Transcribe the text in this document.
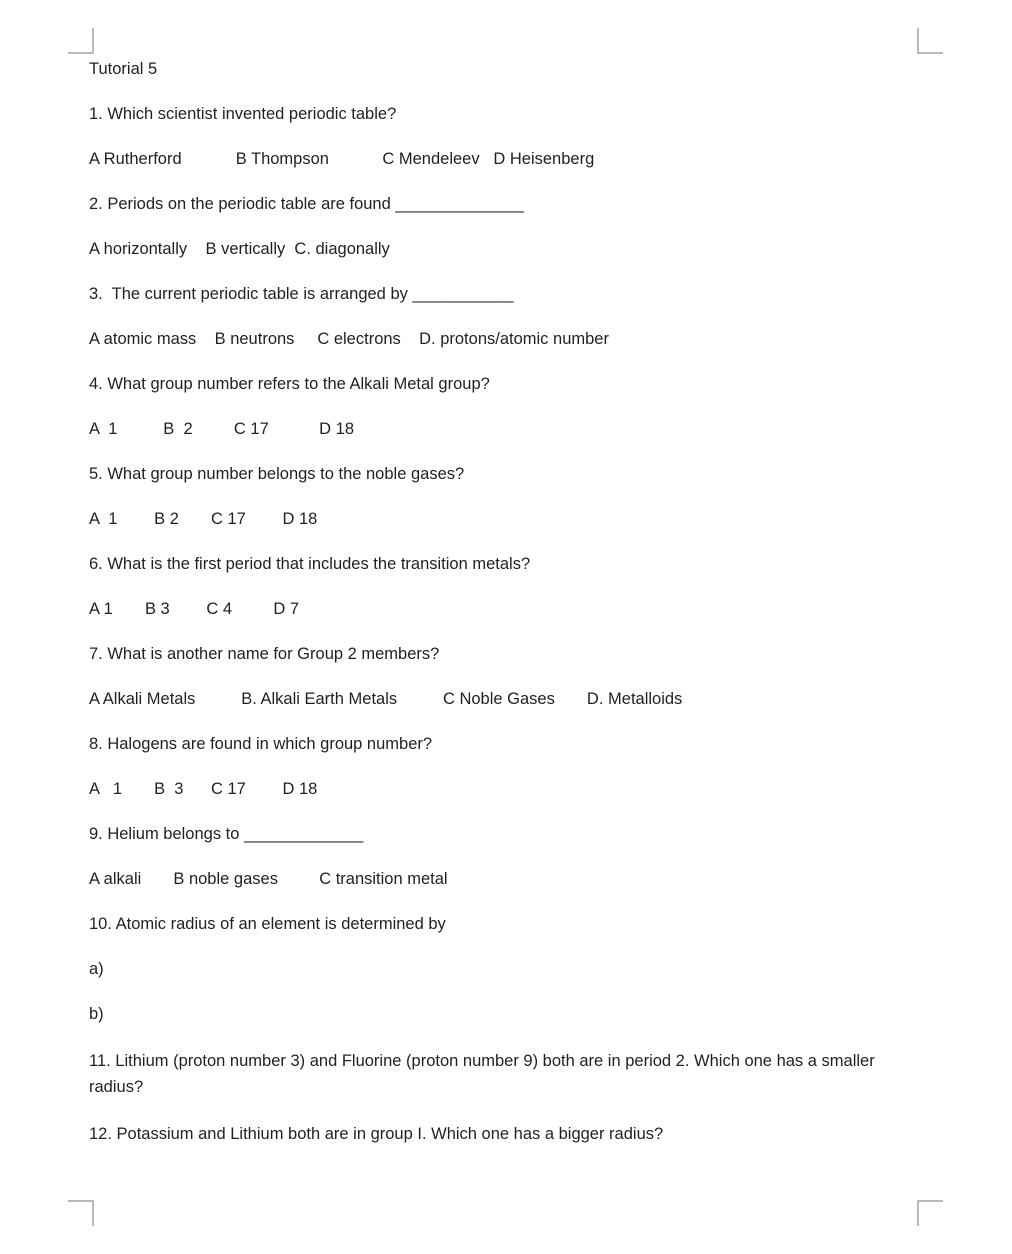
Tutorial 5

1. Which scientist invented periodic table?

A Rutherford		B Thompson		C Mendeleev   D Heisenberg

2. Periods on the periodic table are found ______________

A horizontally    B vertically  C. diagonally

3.  The current periodic table is arranged by ___________

A atomic mass    B neutrons     C electrons    D. protons/atomic number

4. What group number refers to the Alkali Metal group?

A  1          B  2         C 17           D 18

5. What group number belongs to the noble gases?

A  1        B 2       C 17        D 18

6. What is the first period that includes the transition metals?

A 1       B 3        C 4         D 7

7. What is another name for Group 2 members?

A Alkali Metals          B. Alkali Earth Metals          C Noble Gases       D. Metalloids

8. Halogens are found in which group number?

A   1       B  3      C 17        D 18

9. Helium belongs to _____________

A alkali       B noble gases         C transition metal

10. Atomic radius of an element is determined by

a)

b)

11. Lithium (proton number 3) and Fluorine (proton number 9) both are in period 2. Which one has a smaller radius?

12. Potassium and Lithium both are in group I. Which one has a bigger radius?
